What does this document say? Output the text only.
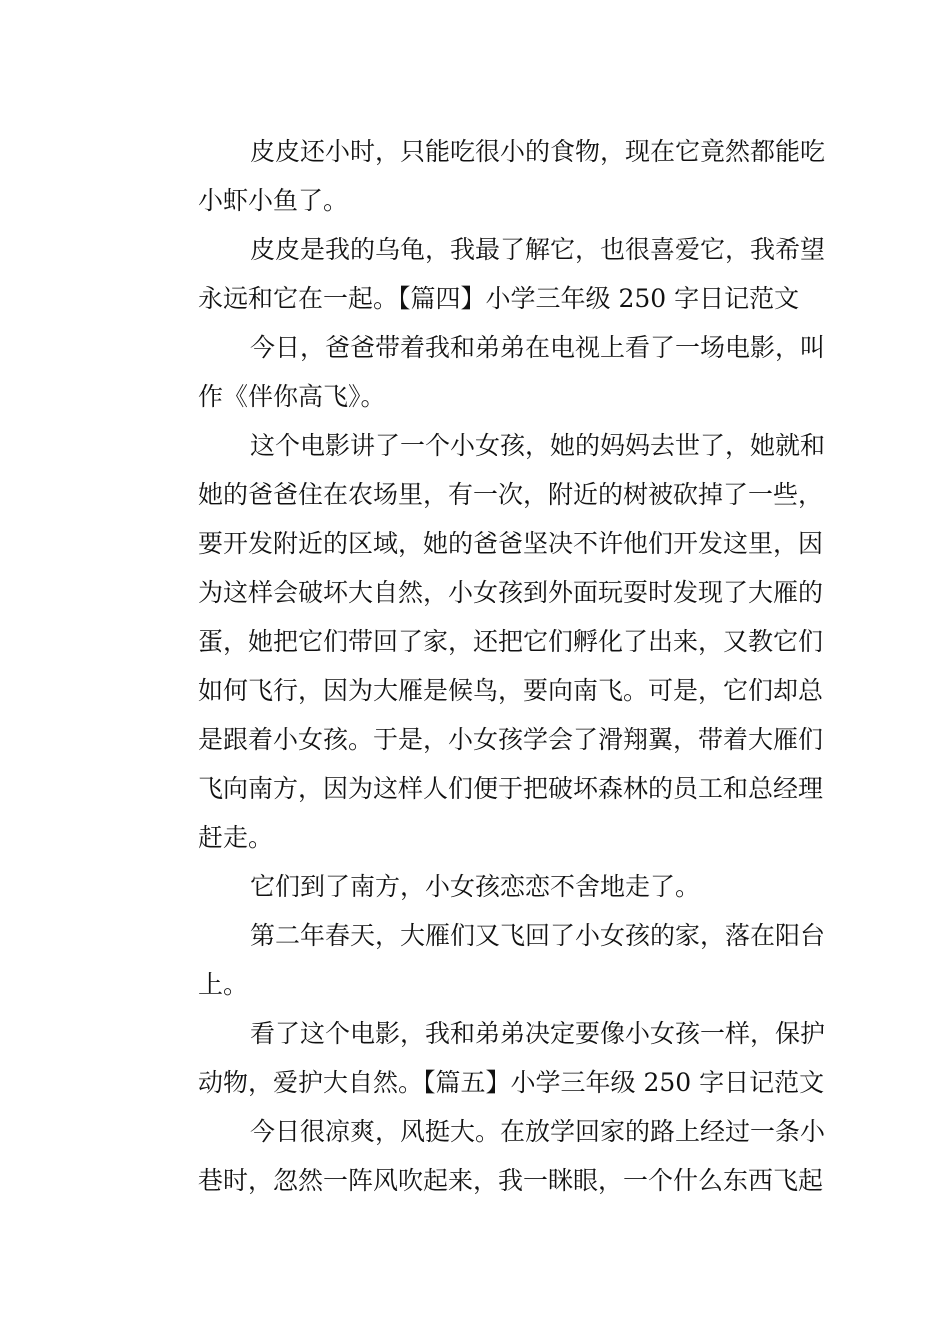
皮皮还小时，只能吃很小的食物，现在它竟然都能吃
小虾小鱼了。
皮皮是我的乌龟，我最了解它，也很喜爱它，我希望
永远和它在一起。【篇四】小学三年级 250 字日记范文
今日，爸爸带着我和弟弟在电视上看了一场电影，叫
作《伴你高飞》。
这个电影讲了一个小女孩，她的妈妈去世了，她就和
她的爸爸住在农场里，有一次，附近的树被砍掉了一些，
要开发附近的区域，她的爸爸坚决不许他们开发这里，因
为这样会破坏大自然，小女孩到外面玩耍时发现了大雁的
蛋，她把它们带回了家，还把它们孵化了出来，又教它们
如何飞行，因为大雁是候鸟，要向南飞。可是，它们却总
是跟着小女孩。于是，小女孩学会了滑翔翼，带着大雁们
飞向南方，因为这样人们便于把破坏森林的员工和总经理
赶走。
它们到了南方，小女孩恋恋不舍地走了。
第二年春天，大雁们又飞回了小女孩的家，落在阳台
上。
看了这个电影，我和弟弟决定要像小女孩一样，保护
动物，爱护大自然。【篇五】小学三年级 250 字日记范文
今日很凉爽，风挺大。在放学回家的路上经过一条小
巷时，忽然一阵风吹起来，我一眯眼，一个什么东西飞起
